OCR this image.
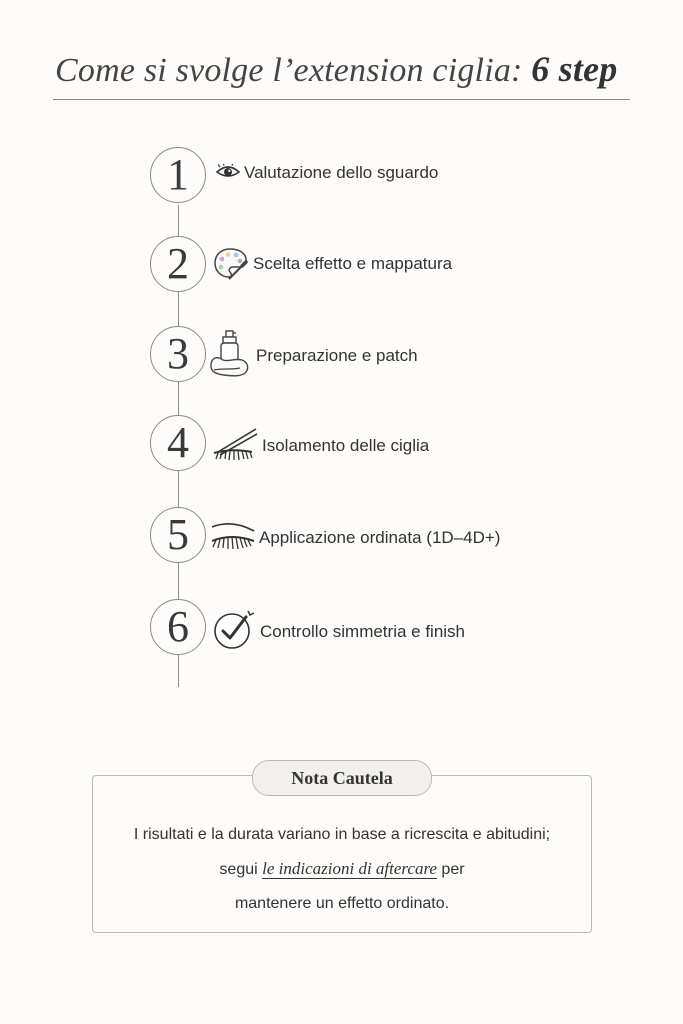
Come si svolge l’extension ciglia: 6 step
1	Valutazione dello sguardo
2	Scelta effetto e mappatura
3	Preparazione e patch
4	Isolamento delle ciglia
5	Applicazione ordinata (1D–4D+)
6	Controllo simmetria e finish
Nota Cautela
I risultati e la durata variano in base a ricrescita e abitudini;
segui le indicazioni di aftercare per
mantenere un effetto ordinato.
